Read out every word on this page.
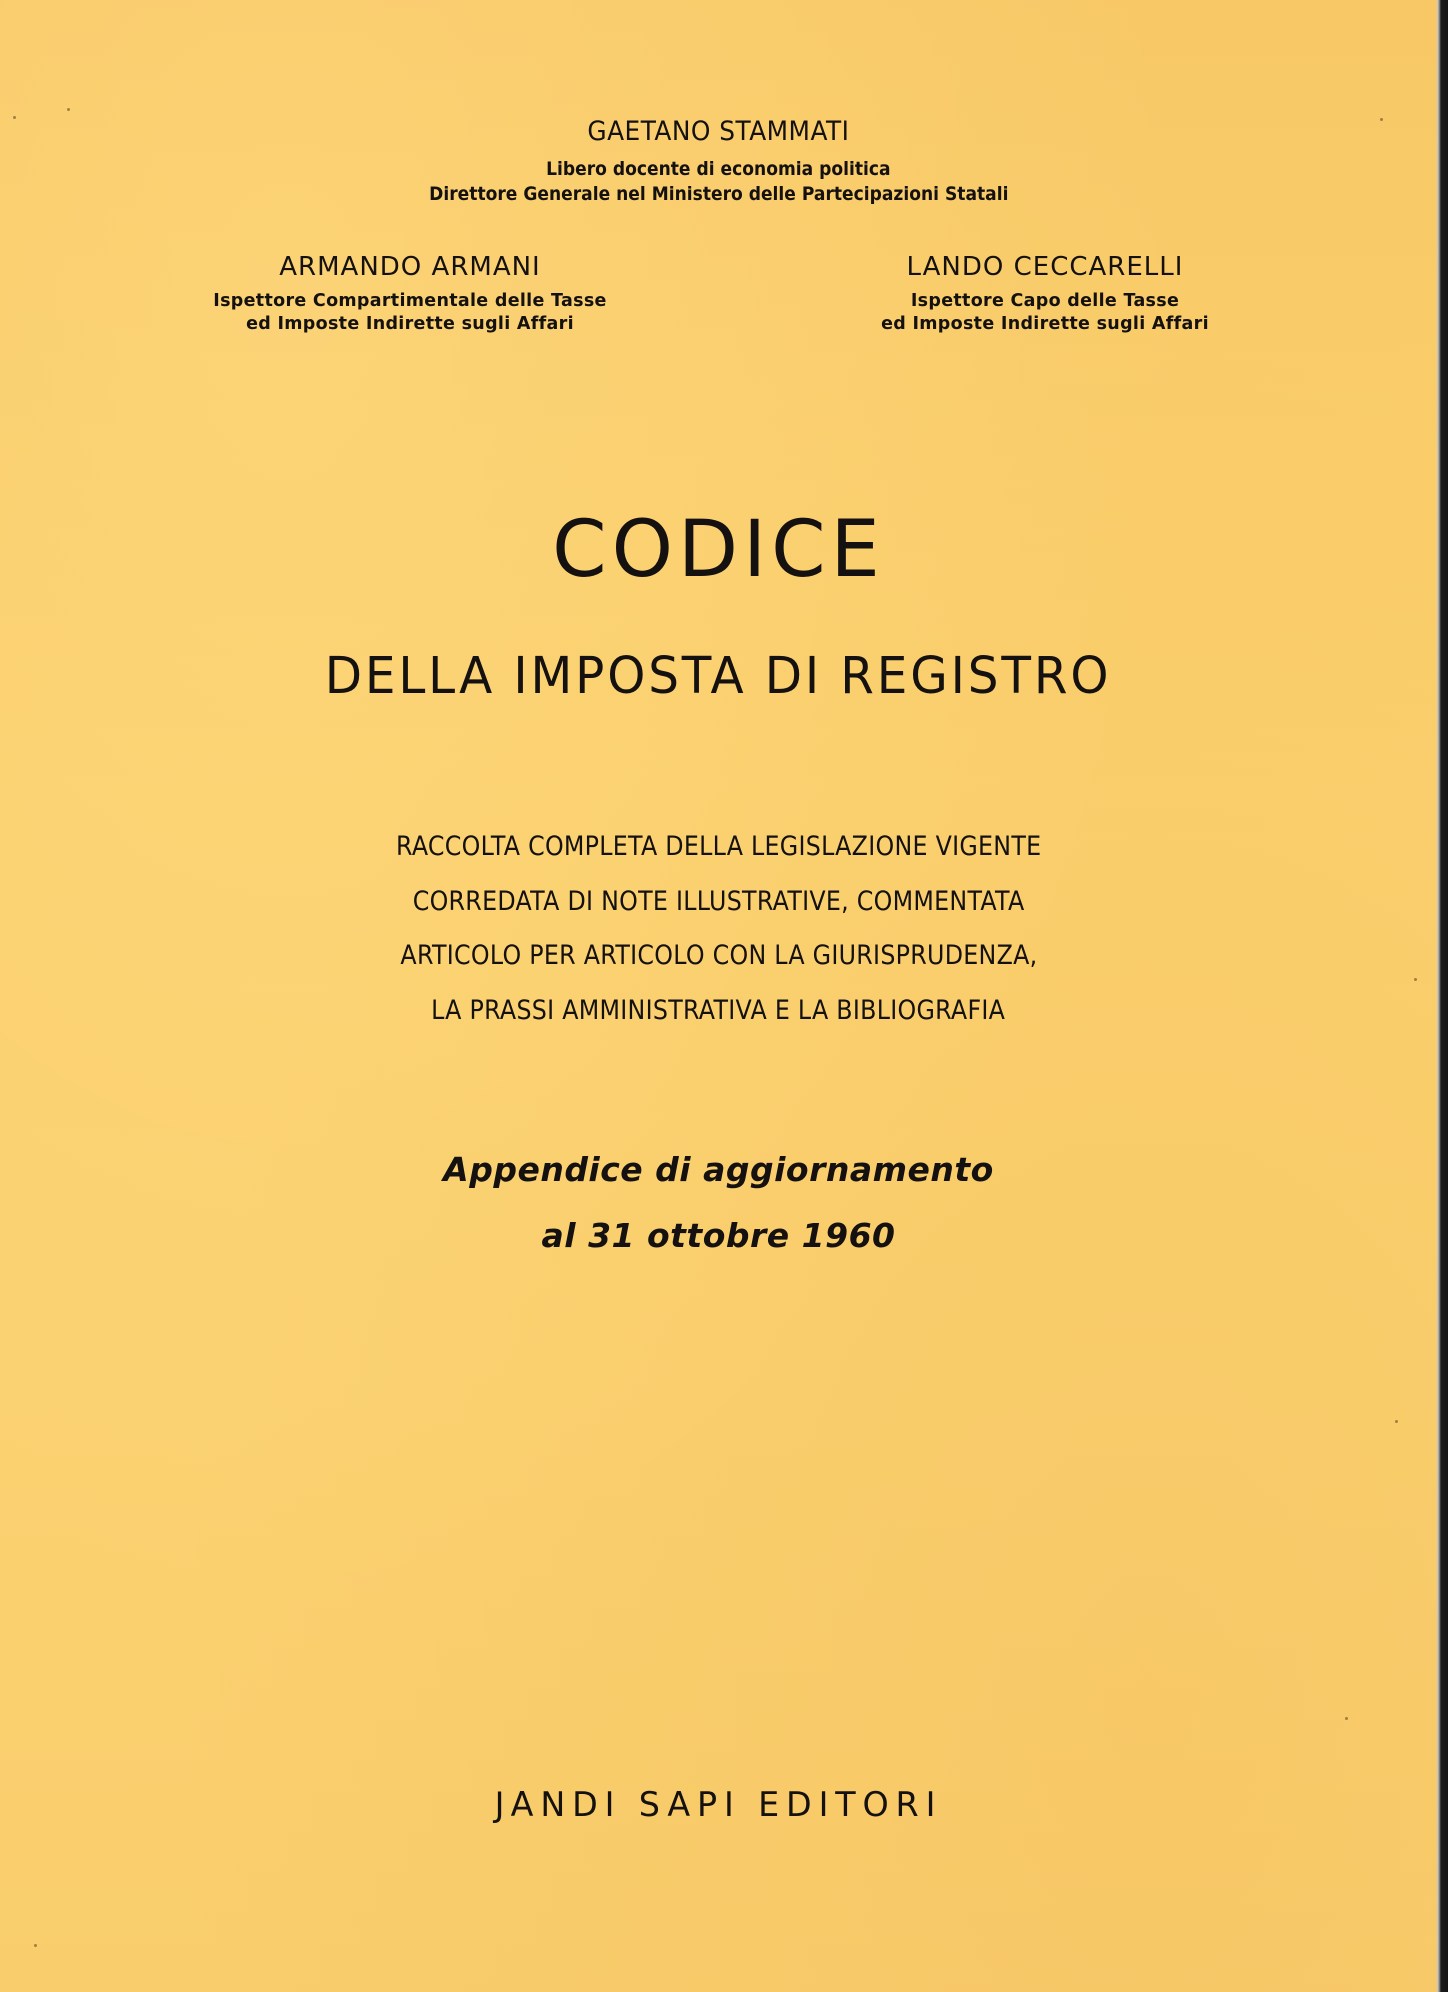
GAETANO STAMMATI
Libero docente di economia politica
Direttore Generale nel Ministero delle Partecipazioni Statali
ARMANDO ARMANI
Ispettore Compartimentale delle Tasse
ed Imposte Indirette sugli Affari
LANDO CECCARELLI
Ispettore Capo delle Tasse
ed Imposte Indirette sugli Affari
CODICE
DELLA IMPOSTA DI REGISTRO
RACCOLTA COMPLETA DELLA LEGISLAZIONE VIGENTE
CORREDATA DI NOTE ILLUSTRATIVE, COMMENTATA
ARTICOLO PER ARTICOLO CON LA GIURISPRUDENZA,
LA PRASSI AMMINISTRATIVA E LA BIBLIOGRAFIA
Appendice di aggiornamento
al 31 ottobre 1960
JANDI SAPI EDITORI
